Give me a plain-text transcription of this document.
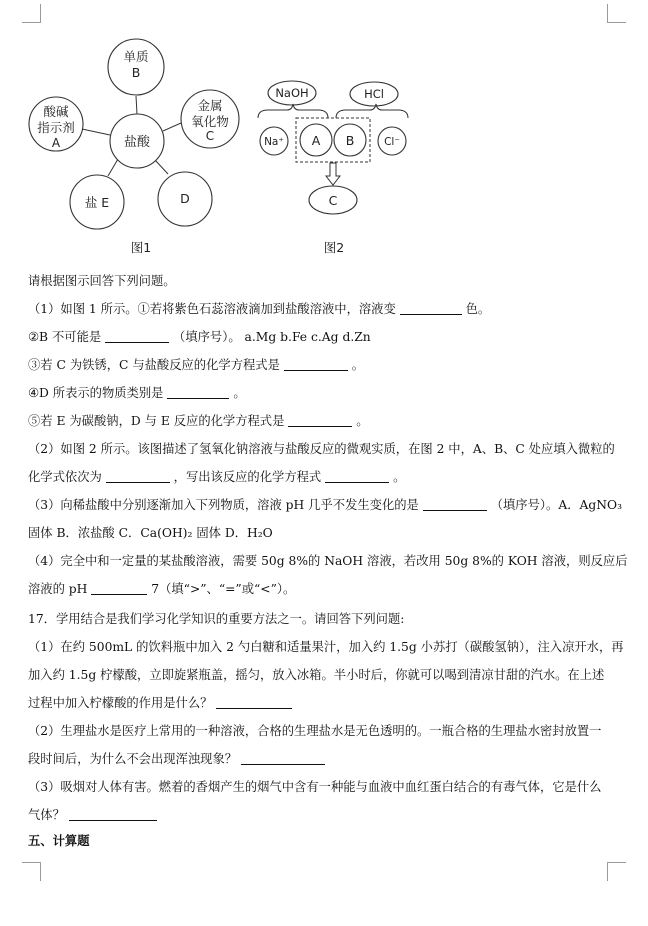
盐酸
单质
B
酸碱
指示剂
A
金属
氧化物
C
D
盐 E
图1
NaOH	HCl
Na⁺ A B	Cl⁻
C
图2
请根据图示回答下列问题。
（1）如图 1 所示。①若将紫色石蕊溶液滴加到盐酸溶液中，溶液变	色。
②B 不可能是	（填序号）。 a.Mg b.Fe c.Ag d.Zn
③若 C 为铁锈，C 与盐酸反应的化学方程式是	。
④D 所表示的物质类别是	。
⑤若 E 为碳酸钠，D 与 E 反应的化学方程式是	。
（2）如图 2 所示。该图描述了氢氧化钠溶液与盐酸反应的微观实质，在图 2 中，A、B、C 处应填入微粒的
化学式依次为	，写出该反应的化学方程式	。
（3）向稀盐酸中分别逐渐加入下列物质，溶液 pH 几乎不发生变化的是	（填序号）。A．AgNO₃
固体 B．浓盐酸 C．Ca(OH)₂ 固体 D．H₂O
（4）完全中和一定量的某盐酸溶液，需要 50g 8%的 NaOH 溶液，若改用 50g 8%的 KOH 溶液，则反应后
溶液的 pH	7（填“>”、“=”或“<”）。
17．学用结合是我们学习化学知识的重要方法之一。请回答下列问题:
（1）在约 500mL 的饮料瓶中加入 2 勺白糖和适量果汁，加入约 1.5g 小苏打（碳酸氢钠），注入凉开水，再
加入约 1.5g 柠檬酸，立即旋紧瓶盖，摇匀，放入冰箱。半小时后，你就可以喝到清凉甘甜的汽水。在上述
过程中加入柠檬酸的作用是什么？
（2）生理盐水是医疗上常用的一种溶液，合格的生理盐水是无色透明的。一瓶合格的生理盐水密封放置一
段时间后，为什么不会出现浑浊现象？
（3）吸烟对人体有害。燃着的香烟产生的烟气中含有一种能与血液中血红蛋白结合的有毒气体，它是什么
气体？
五、计算题
